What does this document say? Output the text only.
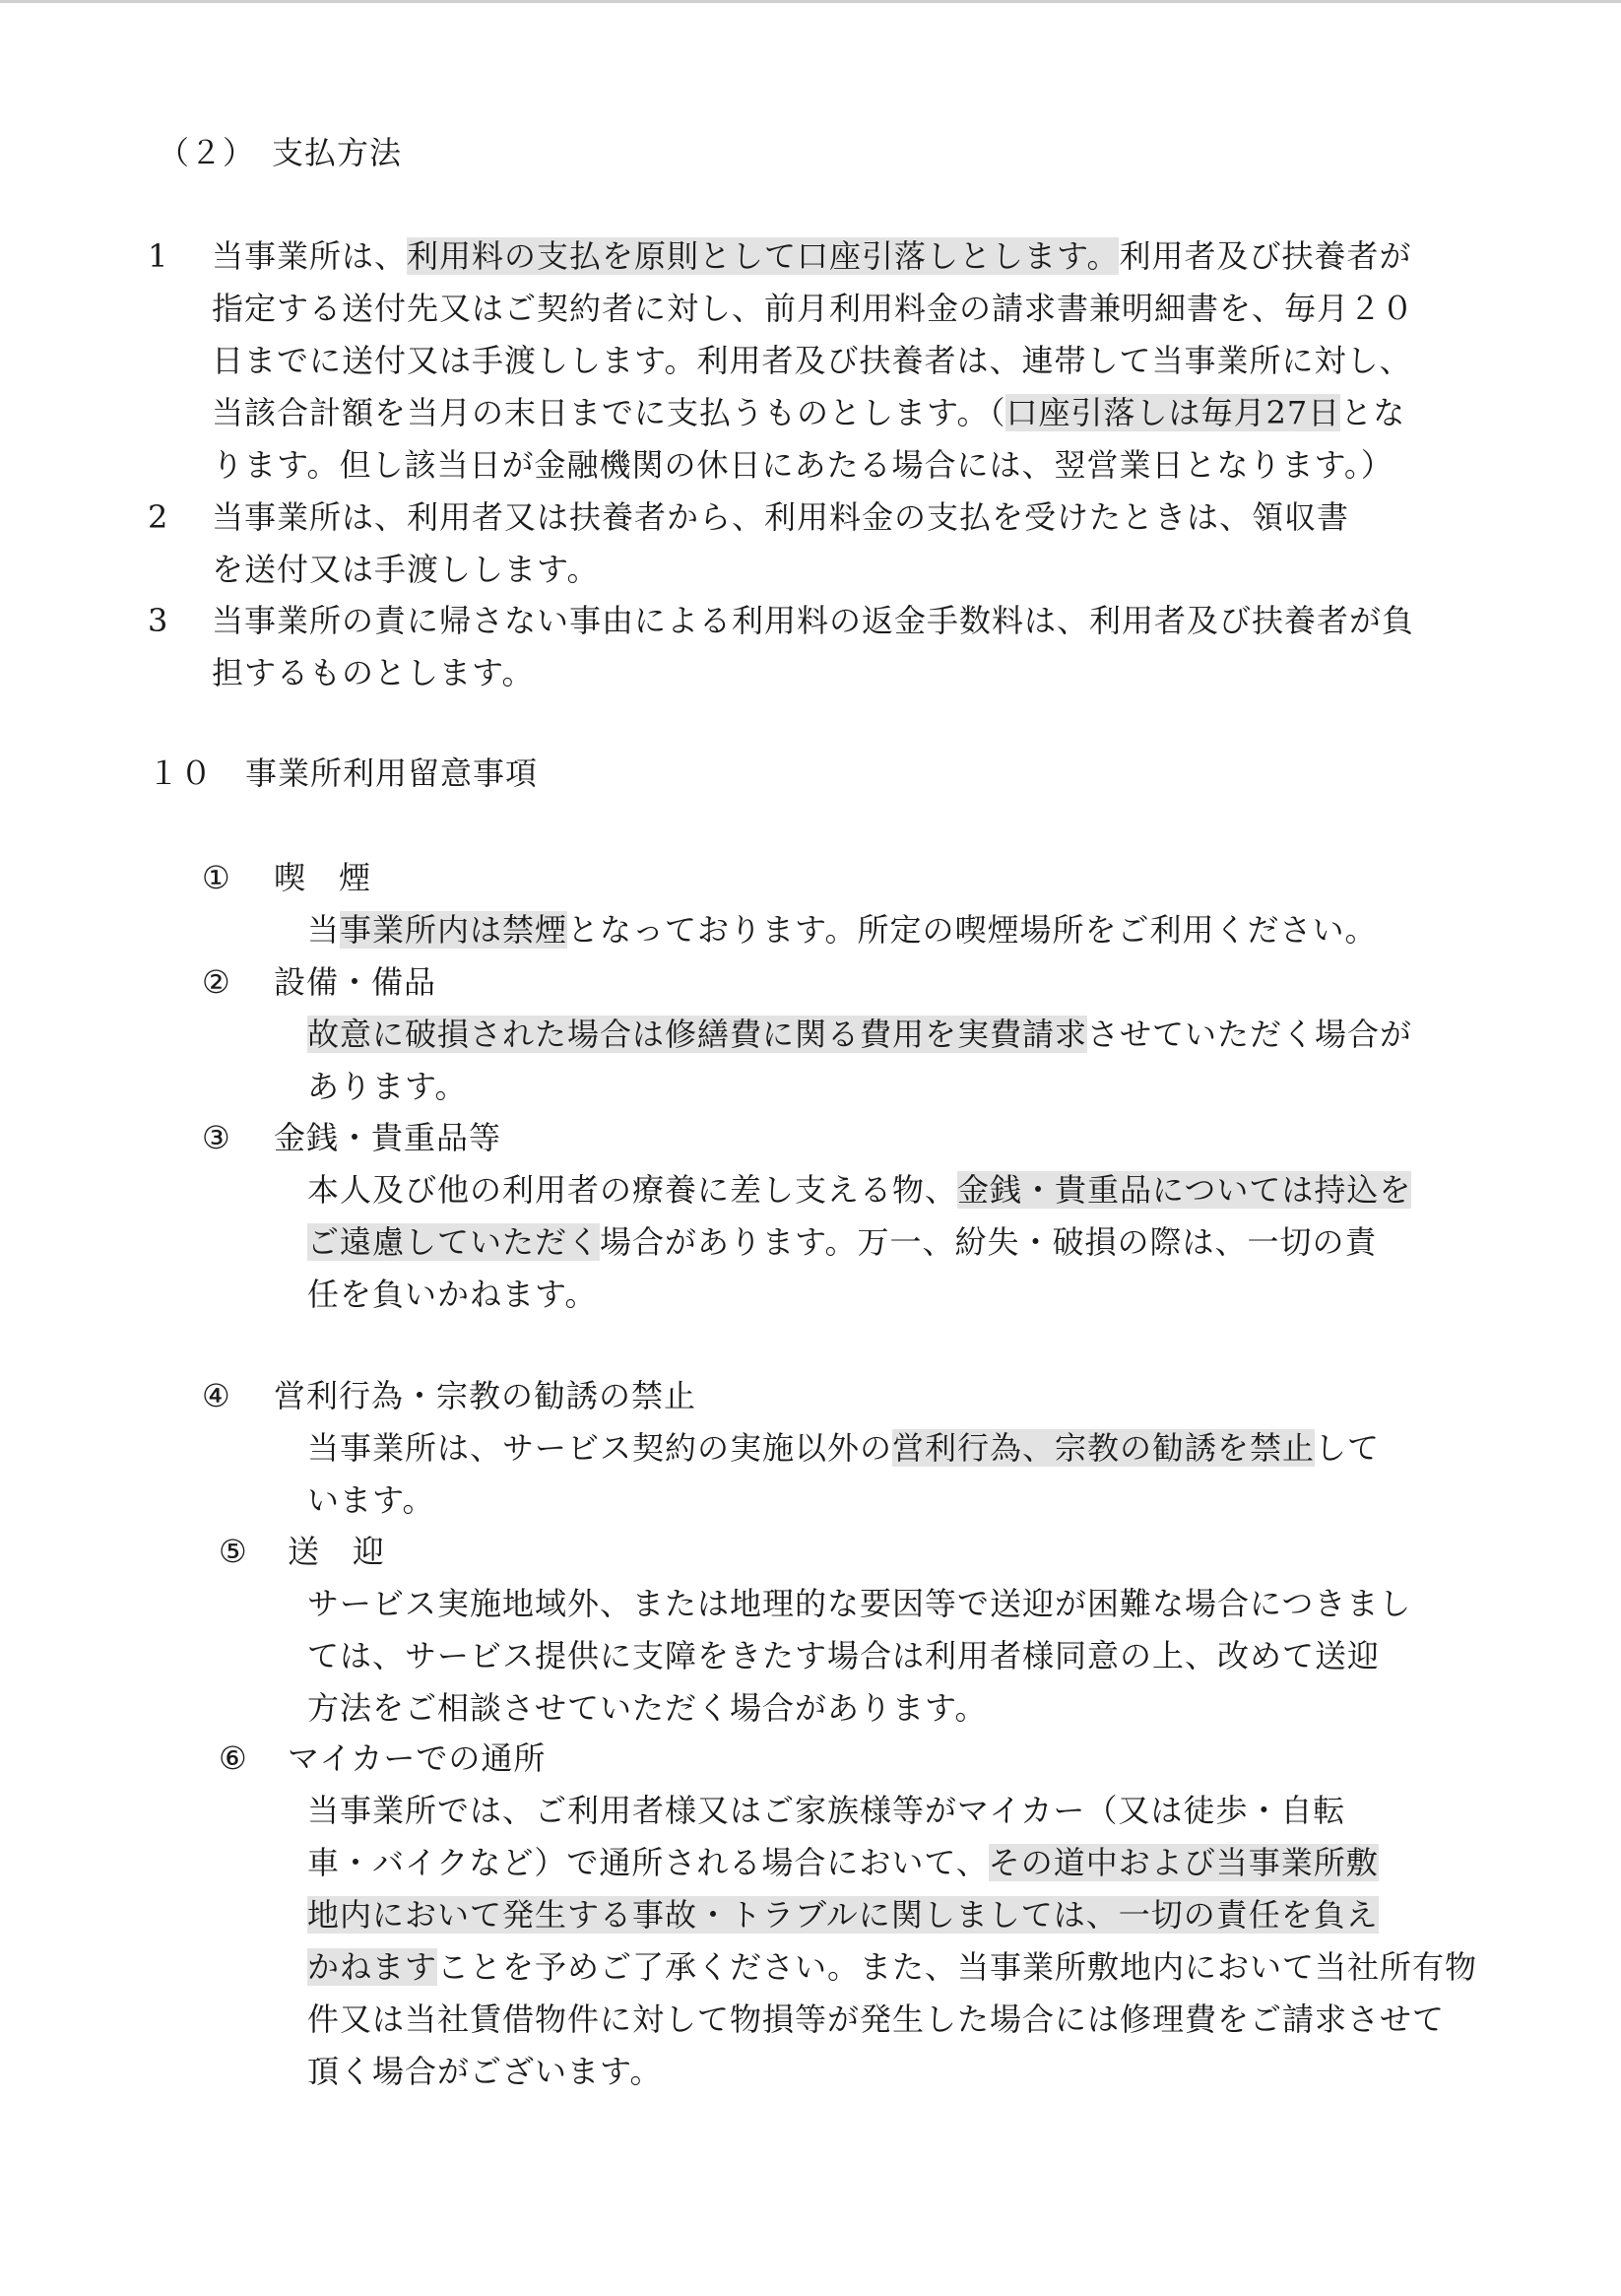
（２）　支払方法
1 当事業所は、利用料の支払を原則として口座引落しとします。利用者及び扶養者が
指定する送付先又はご契約者に対し、前月利用料金の請求書兼明細書を、毎月２０
日までに送付又は手渡しします。利用者及び扶養者は、連帯して当事業所に対し、
当該合計額を当月の末日までに支払うものとします。（口座引落しは毎月27日とな
ります。但し該当日が金融機関の休日にあたる場合には、翌営業日となります。）
2 当事業所は、利用者又は扶養者から、利用料金の支払を受けたときは、領収書
を送付又は手渡しします。
3 当事業所の責に帰さない事由による利用料の返金手数料は、利用者及び扶養者が負
担するものとします。
１０　事業所利用留意事項
① 喫　煙
当事業所内は禁煙となっております。所定の喫煙場所をご利用ください。
② 設備・備品
故意に破損された場合は修繕費に関る費用を実費請求させていただく場合が
あります。
③ 金銭・貴重品等
本人及び他の利用者の療養に差し支える物、金銭・貴重品については持込を
ご遠慮していただく場合があります。万一、紛失・破損の際は、一切の責
任を負いかねます。
④ 営利行為・宗教の勧誘の禁止
当事業所は、サービス契約の実施以外の営利行為、宗教の勧誘を禁止して
います。
⑤ 送　迎
サービス実施地域外、または地理的な要因等で送迎が困難な場合につきまし
ては、サービス提供に支障をきたす場合は利用者様同意の上、改めて送迎
方法をご相談させていただく場合があります。
⑥ マイカーでの通所
当事業所では、ご利用者様又はご家族様等がマイカー（又は徒歩・自転
車・バイクなど）で通所される場合において、その道中および当事業所敷
地内において発生する事故・トラブルに関しましては、一切の責任を負え
かねますことを予めご了承ください。また、当事業所敷地内において当社所有物
件又は当社賃借物件に対して物損等が発生した場合には修理費をご請求させて
頂く場合がございます。
